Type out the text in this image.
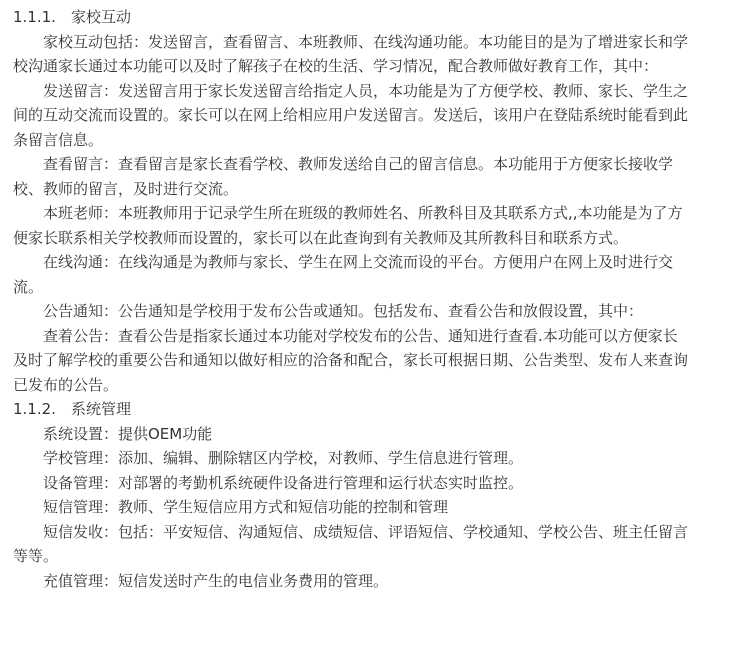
1.1.1. 家校互动

家校互动包括：发送留言，查看留言、本班教师、在线沟通功能。本功能目的是为了增进家长和学校沟通家长通过本功能可以及时了解孩子在校的生活、学习情况，配合教师做好教育工作，其中：

发送留言：发送留言用于家长发送留言给指定人员，本功能是为了方便学校、教师、家长、学生之间的互动交流而设置的。家长可以在网上给相应用户发送留言。发送后，该用户在登陆系统时能看到此条留言信息。

查看留言：查看留言是家长查看学校、教师发送给自己的留言信息。本功能用于方便家长接收学校、教师的留言，及时进行交流。

本班老师：本班教师用于记录学生所在班级的教师姓名、所教科目及其联系方式,,本功能是为了方便家长联系相关学校教师而设置的，家长可以在此查询到有关教师及其所教科目和联系方式。

在线沟通：在线沟通是为教师与家长、学生在网上交流而设的平台。方便用户在网上及时进行交流。

公告通知：公告通知是学校用于发布公告或通知。包括发布、查看公告和放假设置，其中：

查着公告：查看公告是指家长通过本功能对学校发布的公告、通知进行查看.本功能可以方便家长及时了解学校的重要公告和通知以做好相应的洽备和配合，家长可根据日期、公告类型、发布人来查询已发布的公告。

1.1.2. 系统管理

系统设置：提供OEM功能

学校管理：添加、编辑、删除辖区内学校，对教师、学生信息进行管理。

设备管理：对部署的考勤机系统硬件设备进行管理和运行状态实时监控。

短信管理：教师、学生短信应用方式和短信功能的控制和管理

短信发收：包括：平安短信、沟通短信、成绩短信、评语短信、学校通知、学校公告、班主任留言等等。

充值管理：短信发送时产生的电信业务费用的管理。
